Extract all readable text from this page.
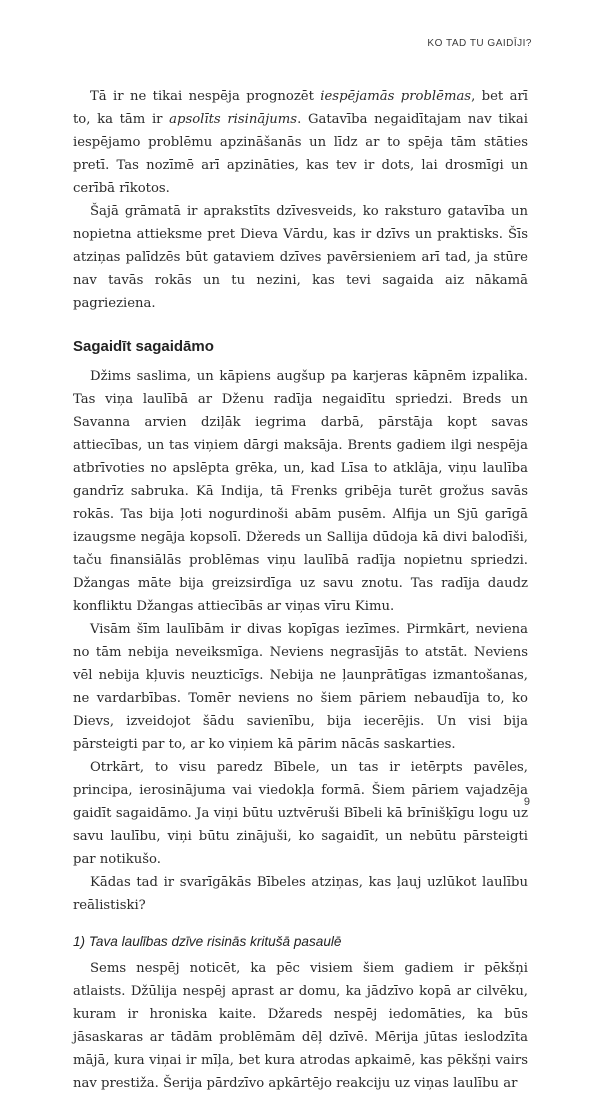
KO TAD TU GAIDĪJI?

Tā ir ne tikai nespēja prognozēt iespējamās problēmas, bet arī to, ka tām ir apsolīts risinājums. Gatavība negaidītajam nav tikai iespējamo problēmu apzināšanās un līdz ar to spēja tām stāties pretī. Tas nozīmē arī apzināties, kas tev ir dots, lai drosmīgi un cerībā rīkotos.

Šajā grāmatā ir aprakstīts dzīvesveids, ko raksturo gatavība un nopietna attieksme pret Dieva Vārdu, kas ir dzīvs un praktisks. Šīs atziņas palīdzēs būt gataviem dzīves pavērsieniem arī tad, ja stūre nav tavās rokās un tu nezini, kas tevi sagaida aiz nākamā pagrieziena.

Sagaidīt sagaidāmo

Džims saslima, un kāpiens augšup pa karjeras kāpnēm izpalika. Tas viņa laulībā ar Dženu radīja negaidītu spriedzi. Breds un Savanna arvien dziļāk iegrima darbā, pārstāja kopt savas attiecības, un tas viņiem dārgi maksāja. Brents gadiem ilgi nespēja atbrīvoties no apslēpta grēka, un, kad Līsa to atklāja, viņu laulība gandrīz sabruka. Kā Indija, tā Frenks gribēja turēt grožus savās rokās. Tas bija ļoti nogurdinoši abām pusēm. Alfija un Sjū garīgā izaugsme negāja kopsolī. Džereds un Sallija dūdoja kā divi balodīši, taču finansiālās problēmas viņu laulībā radīja nopietnu spriedzi. Džangas māte bija greizsirdīga uz savu znotu. Tas radīja daudz konfliktu Džangas attiecībās ar viņas vīru Kimu.

Visām šīm laulībām ir divas kopīgas iezīmes. Pirmkārt, neviena no tām nebija neveiksmīga. Neviens negrasījās to atstāt. Neviens vēl nebija kļuvis neuzticīgs. Nebija ne ļaunprātīgas izmantošanas, ne vardarbības. Tomēr neviens no šiem pāriem nebaudīja to, ko Dievs, izveidojot šādu savienību, bija iecerējis. Un visi bija pārsteigti par to, ar ko viņiem kā pārim nācās saskarties.

Otrkārt, to visu paredz Bībele, un tas ir ietērpts pavēles, principa, ierosinājuma vai viedokļa formā. Šiem pāriem vajadzēja gaidīt sagaidāmo. Ja viņi būtu uztvēruši Bībeli kā brīnišķīgu logu uz savu laulību, viņi būtu zinājuši, ko sagaidīt, un nebūtu pārsteigti par notikušo.

Kādas tad ir svarīgākās Bībeles atziņas, kas ļauj uzlūkot laulību reālistiski?

1) Tava laulības dzīve risinās kritušā pasaulē

Sems nespēj noticēt, ka pēc visiem šiem gadiem ir pēkšņi atlaists. Džūlija nespēj aprast ar domu, ka jādzīvo kopā ar cilvēku, kuram ir hroniska kaite. Džareds nespēj iedomāties, ka būs jāsaskaras ar tādām problēmām dēļ dzīvē. Mērija jūtas ieslodzīta mājā, kura viņai ir mīļa, bet kura atrodas apkaimē, kas pēkšņi vairs nav prestiža. Šerija pārdzīvo apkārtējo reakciju uz viņas laulību ar

9
